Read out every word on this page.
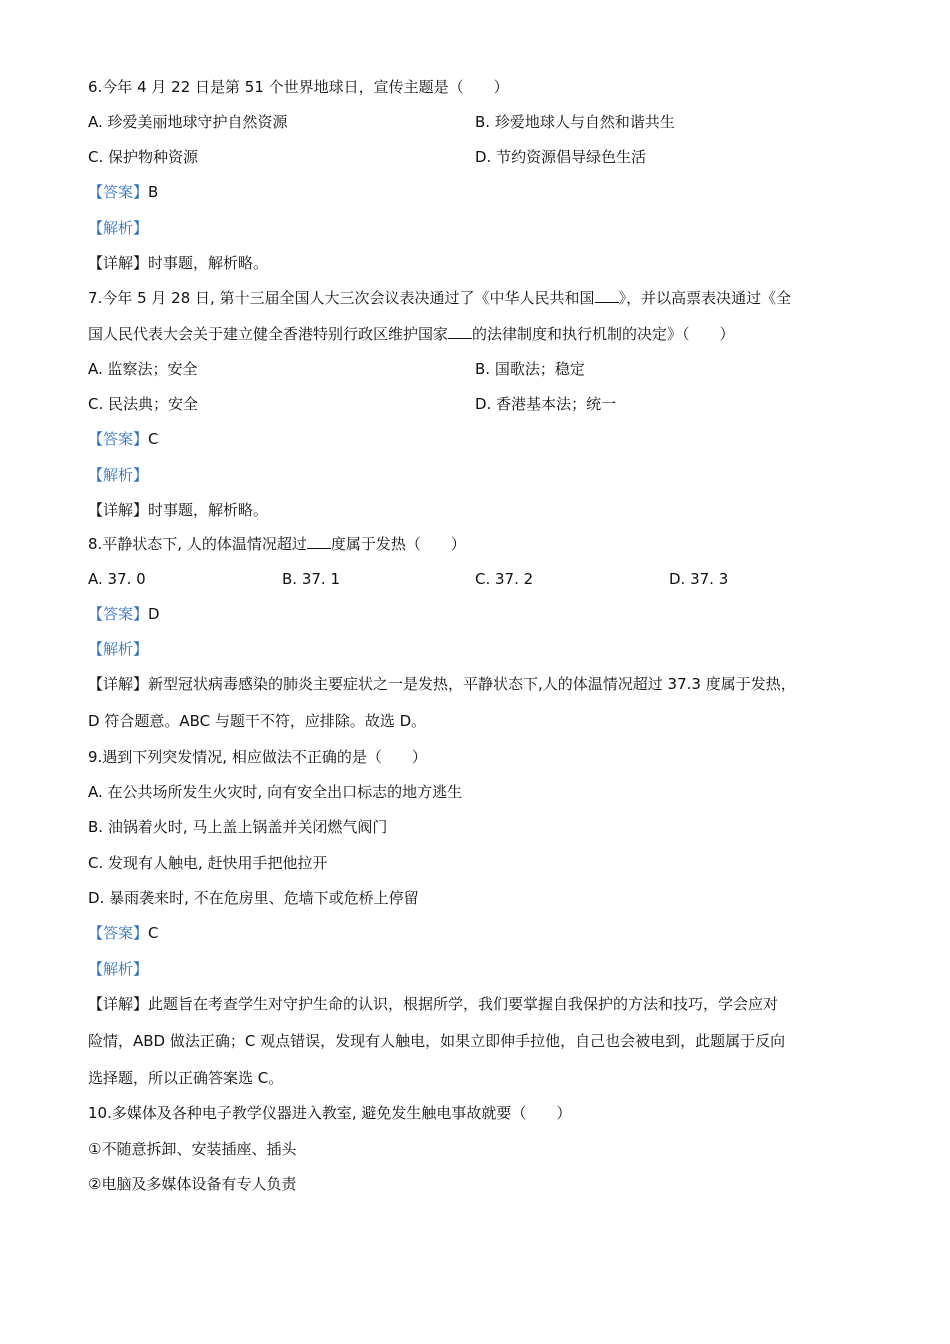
6.今年 4 月 22 日是第 51 个世界地球日，宣传主题是（　　）
A. 珍爱美丽地球守护自然资源	B. 珍爱地球人与自然和谐共生
C. 保护物种资源	D. 节约资源倡导绿色生活
【答案】B
【解析】
【详解】时事题，解析略。
7.今年 5 月 28 日, 第十三届全国人大三次会议表决通过了《中华人民共和国 》，并以高票表决通过《全
国人民代表大会关于建立健全香港特别行政区维护国家 的法律制度和执行机制的决定》（　　）
A. 监察法；安全	B. 国歌法；稳定
C. 民法典；安全	D. 香港基本法；统一
【答案】C
【解析】
【详解】时事题，解析略。
8.平静状态下, 人的体温情况超过 度属于发热（　　）
A. 37. 0	B. 37. 1	C. 37. 2	D. 37. 3
【答案】D
【解析】
【详解】新型冠状病毒感染的肺炎主要症状之一是发热，平静状态下,人的体温情况超过 37.3 度属于发热，
D 符合题意。ABC 与题干不符，应排除。故选 D。
9.遇到下列突发情况, 相应做法不正确的是（　　）
A. 在公共场所发生火灾时, 向有安全出口标志的地方逃生
B. 油锅着火时, 马上盖上锅盖并关闭燃气阀门
C. 发现有人触电, 赶快用手把他拉开
D. 暴雨袭来时, 不在危房里、危墙下或危桥上停留
【答案】C
【解析】
【详解】此题旨在考查学生对守护生命的认识，根据所学，我们要掌握自我保护的方法和技巧，学会应对
险情，ABD 做法正确；C 观点错误，发现有人触电，如果立即伸手拉他，自己也会被电到，此题属于反向
选择题，所以正确答案选 C。
10.多媒体及各种电子教学仪器进入教室, 避免发生触电事故就要（　　）
①不随意拆卸、安装插座、插头
②电脑及多媒体设备有专人负责
